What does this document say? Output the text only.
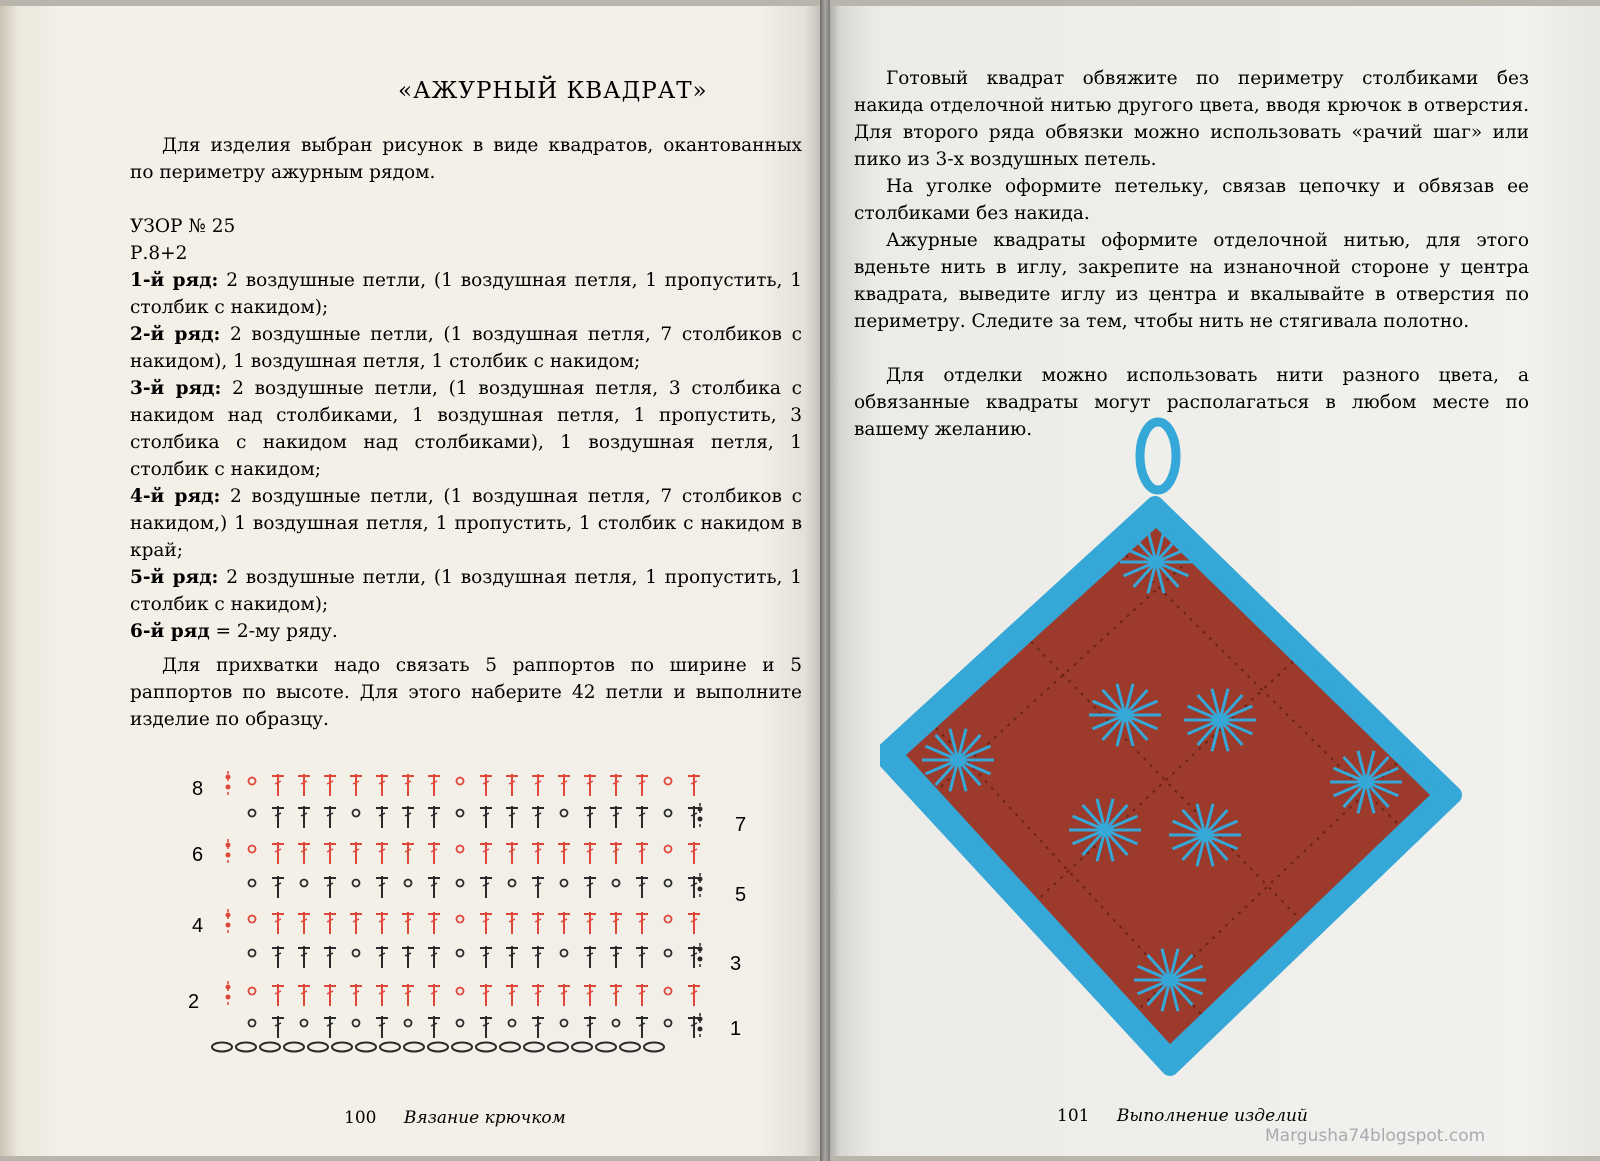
«АЖУРНЫЙ КВАДРАТ»

Для изделия выбран рисунок в виде квадратов, окантованных по периметру ажурным рядом.

УЗОР № 25
Р.8+2

1-й ряд: 2 воздушные петли, (1 воздушная петля, 1 пропустить, 1 столбик с накидом);

2-й ряд: 2 воздушные петли, (1 воздушная петля, 7 столбиков с накидом), 1 воздушная петля, 1 столбик с накидом;

3-й ряд: 2 воздушные петли, (1 воздушная петля, 3 столбика с накидом над столбиками, 1 воздушная петля, 1 пропустить, 3 столбика с накидом над столбиками), 1 воздушная петля, 1 столбик с накидом;

4-й ряд: 2 воздушные петли, (1 воздушная петля, 7 столбиков с накидом,) 1 воздушная петля, 1 пропустить, 1 столбик с накидом в край;

5-й ряд: 2 воздушные петли, (1 воздушная петля, 1 пропустить, 1 столбик с накидом);

6-й ряд = 2-му ряду.

Для прихватки надо связать 5 раппортов по ширине и 5 раппортов по высоте. Для этого наберите 42 петли и выполните изделие по образцу.

8
6
4
2
7
5
3
1
100 Вязание крючком

Готовый квадрат обвяжите по периметру столбиками без накида отделочной нитью другого цвета, вводя крючок в отверстия. Для второго ряда обвязки можно использовать «рачий шаг» или пико из 3-х воздушных петель.

На уголке оформите петельку, связав цепочку и обвязав ее столбиками без накида.

Ажурные квадраты оформите отделочной нитью, для этого вденьте нить в иглу, закрепите на изнаночной стороне у центра квадрата, выведите иглу из центра и вкалывайте в отверстия по периметру. Следите за тем, чтобы нить не стягивала полотно.

Для отделки можно использовать нити разного цвета, а обвязанные квадраты могут располагаться в любом месте по вашему желанию.

101 Выполнение изделий
Margusha74blogspot.com
